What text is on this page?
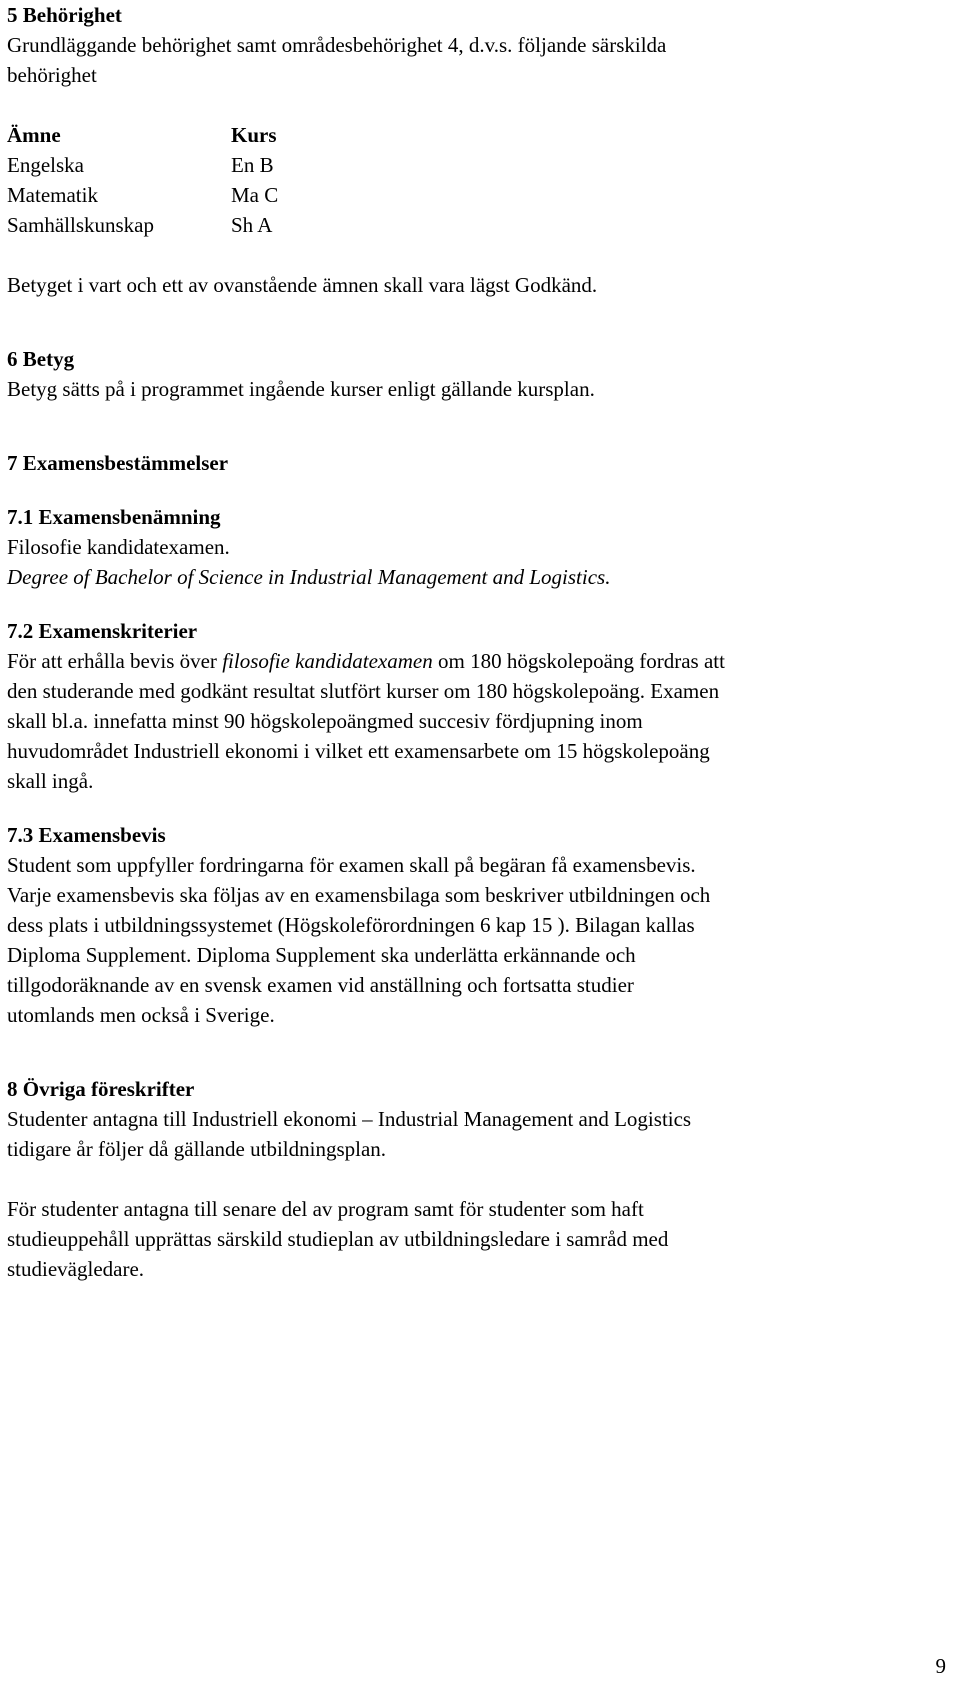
5 Behörighet
Grundläggande behörighet samt områdesbehörighet 4, d.v.s. följande särskilda
behörighet
Ämne	Kurs
Engelska	En B
Matematik	Ma C
Samhällskunskap	Sh A
Betyget i vart och ett av ovanstående ämnen skall vara lägst Godkänd.
6 Betyg
Betyg sätts på i programmet ingående kurser enligt gällande kursplan.
7 Examensbestämmelser
7.1 Examensbenämning
Filosofie kandidatexamen.
Degree of Bachelor of Science in Industrial Management and Logistics.
7.2 Examenskriterier
För att erhålla bevis över filosofie kandidatexamen om 180 högskolepoäng fordras att
den studerande med godkänt resultat slutfört kurser om 180 högskolepoäng. Examen
skall bl.a. innefatta minst 90 högskolepoängmed succesiv fördjupning inom
huvudområdet Industriell ekonomi i vilket ett examensarbete om 15 högskolepoäng
skall ingå.
7.3 Examensbevis
Student som uppfyller fordringarna för examen skall på begäran få examensbevis.
Varje examensbevis ska följas av en examensbilaga som beskriver utbildningen och
dess plats i utbildningssystemet (Högskoleförordningen 6 kap 15 ). Bilagan kallas
Diploma Supplement. Diploma Supplement ska underlätta erkännande och
tillgodoräknande av en svensk examen vid anställning och fortsatta studier
utomlands men också i Sverige.
8 Övriga föreskrifter
Studenter antagna till Industriell ekonomi – Industrial Management and Logistics
tidigare år följer då gällande utbildningsplan.
För studenter antagna till senare del av program samt för studenter som haft
studieuppehåll upprättas särskild studieplan av utbildningsledare i samråd med
studievägledare.
9
